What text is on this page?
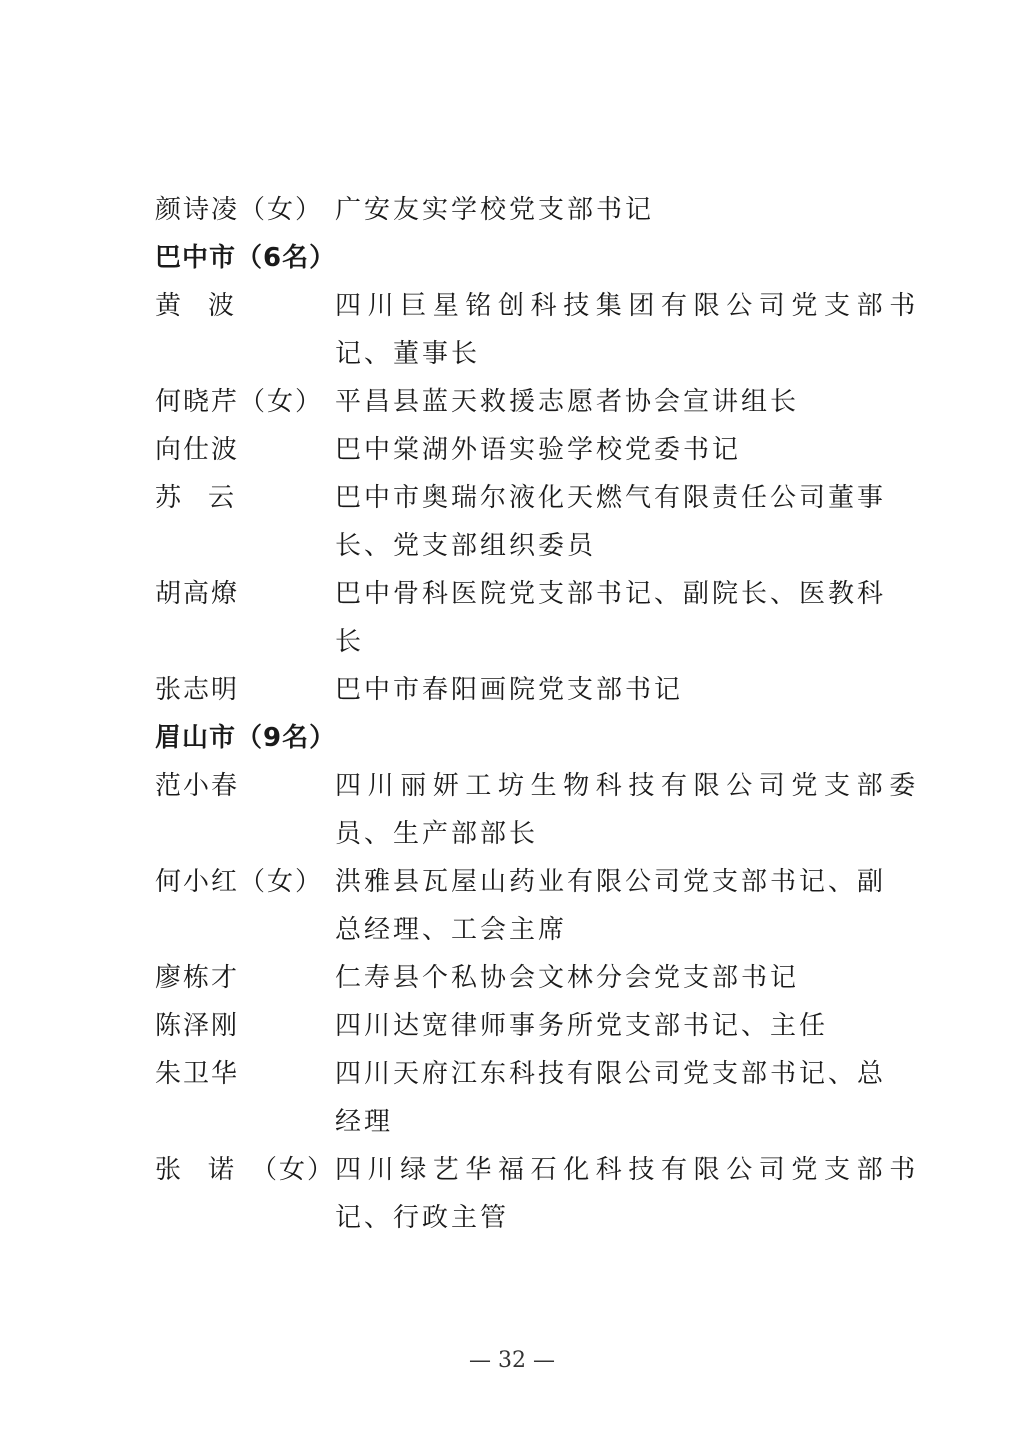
颜诗凌（女） 广安友实学校党支部书记
巴中市（6名）
黄 波	四川巨星铭创科技集团有限公司党支部书
记、董事长
何晓芹（女） 平昌县蓝天救援志愿者协会宣讲组长
向仕波	巴中棠湖外语实验学校党委书记
苏 云	巴中市奥瑞尔液化天燃气有限责任公司董事
长、党支部组织委员
胡高燎	巴中骨科医院党支部书记、副院长、医教科
长
张志明	巴中市春阳画院党支部书记
眉山市（9名）
范小春	四川丽妍工坊生物科技有限公司党支部委
员、生产部部长
何小红（女） 洪雅县瓦屋山药业有限公司党支部书记、副
总经理、工会主席
廖栋才	仁寿县个私协会文林分会党支部书记
陈泽刚	四川达宽律师事务所党支部书记、主任
朱卫华	四川天府江东科技有限公司党支部书记、总
经理
张 诺 （女） 四川绿艺华福石化科技有限公司党支部书
记、行政主管
— 32 —
